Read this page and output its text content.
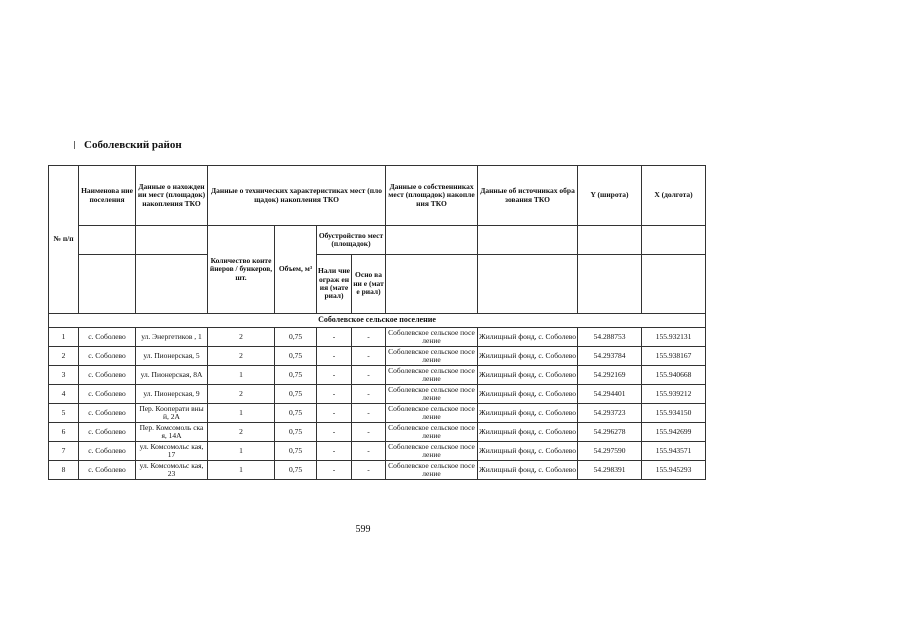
Соболевский район
№ п/п	Наименова ние поселения	Данные о нахождении мест (площадок) накопления ТКО	Данные о технических характеристиках мест (площадок) накопления ТКО				Данные о собственниках мест (площадок) накопления ТКО	Данные об источниках образования ТКО	Y (широта)	X (долгота)
			Количество контейнеров / бункеров, шт.	Объем, м³	Обустройство мест (площадок)					
					Нали чие ограж ения (мате риал)	Осно вани е (мате риал)				
Соболевское сельское поселение										
1	с. Соболево	ул. Энергетиков , 1	2	0,75	-	-	Соболевское сельское поселение	Жилищный фонд, с. Соболево	54.288753	155.932131
2	с. Соболево	ул. Пионерская, 5	2	0,75	-	-	Соболевское сельское поселение	Жилищный фонд, с. Соболево	54.293784	155.938167
3	с. Соболево	ул. Пионерская, 8А	1	0,75	-	-	Соболевское сельское поселение	Жилищный фонд, с. Соболево	54.292169	155.940668
4	с. Соболево	ул. Пионерская, 9	2	0,75	-	-	Соболевское сельское поселение	Жилищный фонд, с. Соболево	54.294401	155.939212
5	с. Соболево	Пер. Кооперати вный, 2А	1	0,75	-	-	Соболевское сельское поселение	Жилищный фонд, с. Соболево	54.293723	155.934150
6	с. Соболево	Пер. Комсомоль ская, 14А	2	0,75	-	-	Соболевское сельское поселение	Жилищный фонд, с. Соболево	54.296278	155.942699
7	с. Соболево	ул. Комсомольс кая, 17	1	0,75	-	-	Соболевское сельское поселение	Жилищный фонд, с. Соболево	54.297590	155.943571
8	с. Соболево	ул. Комсомольс кая, 23	1	0,75	-	-	Соболевское сельское поселение	Жилищный фонд, с. Соболево	54.298391	155.945293
599
